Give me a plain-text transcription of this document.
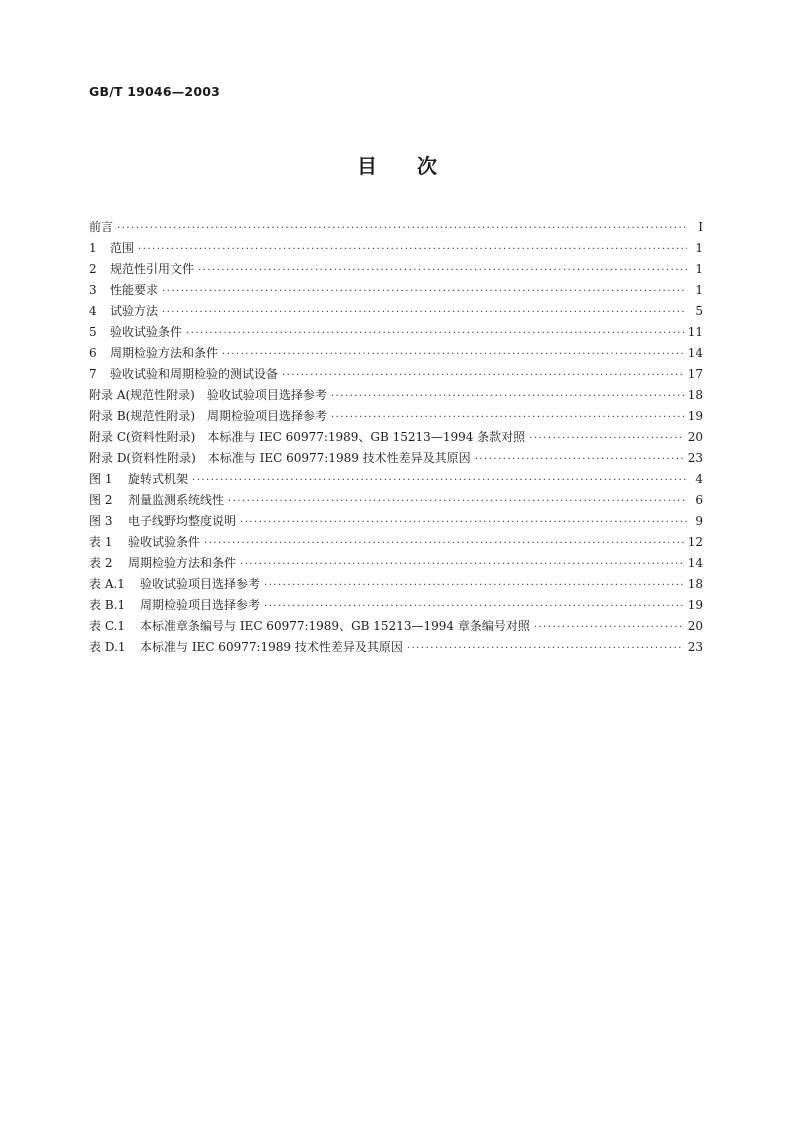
GB/T 19046—2003
目 次
前言 ·····	I
1	范围 ·····	1
2	规范性引用文件 ·····	1
3	性能要求 ·····	1
4	试验方法 ·····	5
5	验收试验条件 ·····	11
6	周期检验方法和条件 ·····	14
7	验收试验和周期检验的测试设备 ·····	17
附录 A(规范性附录)　验收试验项目选择参考 ·····	18
附录 B(规范性附录)　周期检验项目选择参考 ·····	19
附录 C(资料性附录)　本标准与 IEC 60977:1989、GB 15213—1994 条款对照 ·····	20
附录 D(资料性附录)　本标准与 IEC 60977:1989 技术性差异及其原因 ·····	23
图 1	旋转式机架 ·····	4
图 2	剂量监测系统线性 ·····	6
图 3	电子线野均整度说明 ·····	9
表 1	验收试验条件 ·····	12
表 2	周期检验方法和条件 ·····	14
表 A.1	验收试验项目选择参考 ·····	18
表 B.1	周期检验项目选择参考 ·····	19
表 C.1	本标准章条编号与 IEC 60977:1989、GB 15213—1994 章条编号对照 ·····	20
表 D.1	本标准与 IEC 60977:1989 技术性差异及其原因 ·····	23
